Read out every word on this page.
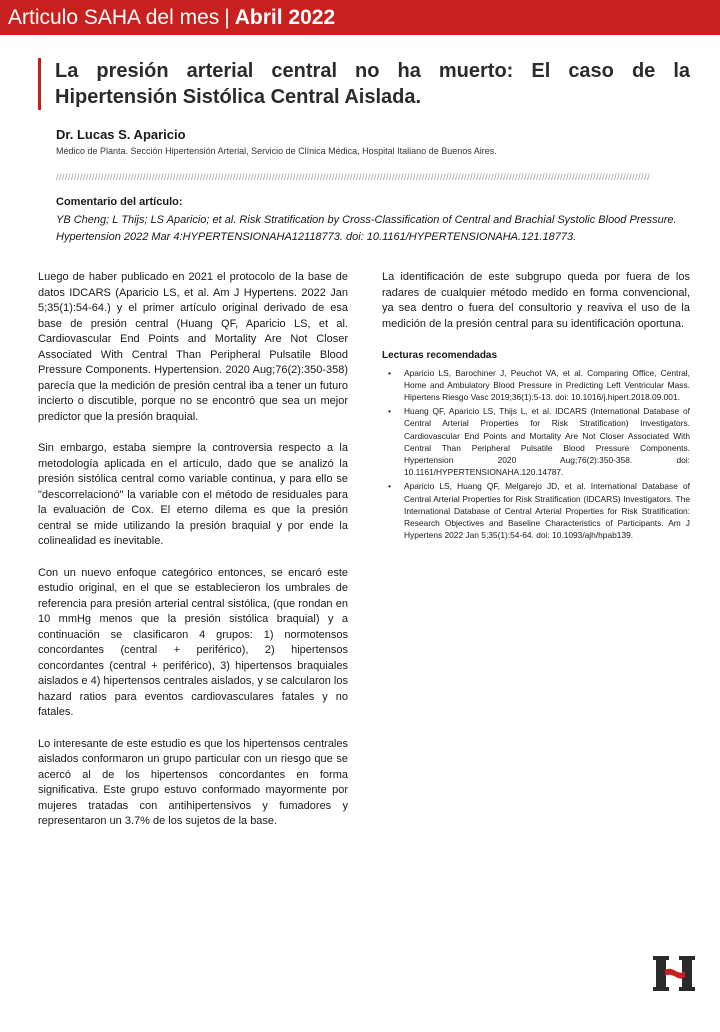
Articulo SAHA del mes | Abril 2022
La presión arterial central no ha muerto: El caso de la Hipertensión Sistólica Central Aislada.
Dr. Lucas S. Aparicio
Médico de Planta. Sección Hipertensión Arterial, Servicio de Clínica Médica, Hospital Italiano de Buenos Aires.
//////////////////////////////////////////////////////////////////////////////////////////////////////////////////////////////////////////////////////////////////////////////////////////////////////
Comentario del artículo:
YB Cheng; L Thijs; LS Aparicio; et al. Risk Stratification by Cross-Classification of Central and Brachial Systolic Blood Pressure. Hypertension 2022 Mar 4:HYPERTENSIONAHA12118773. doi: 10.1161/HYPERTENSIONAHA.121.18773.

Luego de haber publicado en 2021 el protocolo de la base de datos IDCARS (Aparicio LS, et al. Am J Hypertens. 2022 Jan 5;35(1):54-64.) y el primer artículo original derivado de esa base de presión central (Huang QF, Aparicio LS, et al. Cardiovascular End Points and Mortality Are Not Closer Associated With Central Than Peripheral Pulsatile Blood Pressure Components. Hypertension. 2020 Aug;76(2):350-358) parecía que la medición de presión central iba a tener un futuro incierto o discutible, porque no se encontró que sea un mejor predictor que la presión braquial.

Sin embargo, estaba siempre la controversia respecto a la metodología aplicada en el artículo, dado que se analizó la presión sistólica central como variable continua, y para ello se "descorrelacionó" la variable con el método de residuales para la evaluación de Cox. El eterno dilema es que la presión central se mide utilizando la presión braquial y por ende la colinealidad es inevitable.

Con un nuevo enfoque categórico entonces, se encaró este estudio original, en el que se establecieron los umbrales de referencia para presión arterial central sistólica, (que rondan en 10 mmHg menos que la presión sistólica braquial) y a continuación se clasificaron 4 grupos: 1) normotensos concordantes (central + periférico), 2) hipertensos concordantes (central + periférico), 3) hipertensos braquiales aislados e 4) hipertensos centrales aislados, y se calcularon los hazard ratios para eventos cardiovasculares fatales y no fatales.

Lo interesante de este estudio es que los hipertensos centrales aislados conformaron un grupo particular con un riesgo que se acercó al de los hipertensos concordantes en forma significativa. Este grupo estuvo conformado mayormente por mujeres tratadas con antihipertensivos y fumadores y representaron un 3.7% de los sujetos de la base.

La identificación de este subgrupo queda por fuera de los radares de cualquier método medido en forma convencional, ya sea dentro o fuera del consultorio y reaviva el uso de la medición de la presión central para su identificación oportuna.

Lecturas recomendadas
• Aparicio LS, Barochiner J, Peuchot VA, et al. Comparing Office, Central, Home and Ambulatory Blood Pressure in Predicting Left Ventricular Mass. Hipertens Riesgo Vasc 2019;36(1):5-13. doi: 10.1016/j.hipert.2018.09.001.
• Huang QF, Aparicio LS, Thijs L, et al. IDCARS (International Database of Central Arterial Properties for Risk Stratification) Investigators. Cardiovascular End Points and Mortality Are Not Closer Associated With Central Than Peripheral Pulsatile Blood Pressure Components. Hypertension 2020 Aug;76(2):350-358. doi: 10.1161/HYPERTENSIONAHA.120.14787.
• Aparicio LS, Huang QF, Melgarejo JD, et al. International Database of Central Arterial Properties for Risk Stratification (IDCARS) Investigators. The International Database of Central Arterial Properties for Risk Stratification: Research Objectives and Baseline Characteristics of Participants. Am J Hypertens 2022 Jan 5;35(1):54-64. doi: 10.1093/ajh/hpab139.
